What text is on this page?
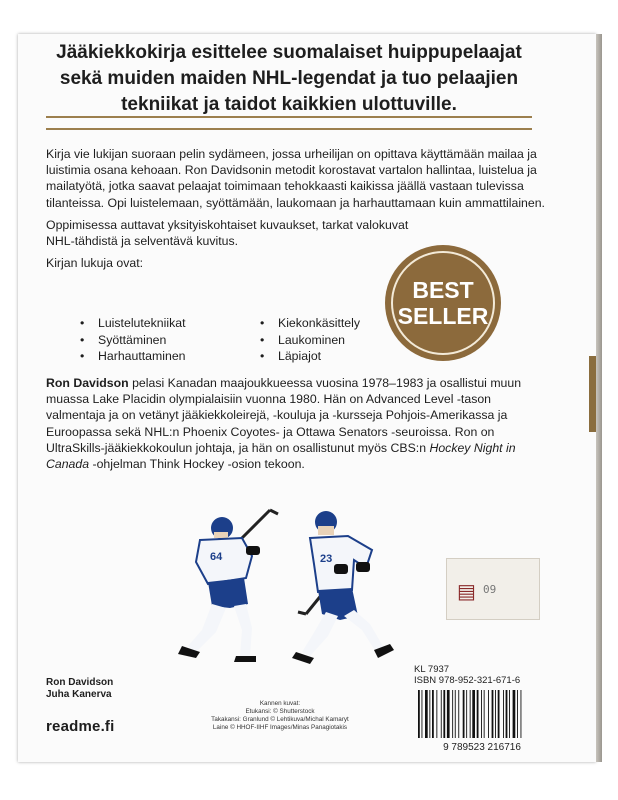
Jääkiekkokirja esittelee suomalaiset huippupelaajat
sekä muiden maiden NHL-legendat ja tuo pelaajien
tekniikat ja taidot kaikkien ulottuville.

Kirja vie lukijan suoraan pelin sydämeen, jossa urheilijan on opittava käyttämään mailaa ja luistimia osana kehoaan. Ron Davidsonin metodit korostavat vartalon hallintaa, luistelua ja mailatyötä, jotka saavat pelaajat toimimaan tehokkaasti kaikissa jäällä vastaan tulevissa tilanteissa. Opi luistelemaan, syöttämään, laukomaan ja harhauttamaan kuin ammattilainen.

Oppimisessa auttavat yksityiskohtaiset kuvaukset, tarkat valokuvat NHL-tähdistä ja selventävä kuvitus.

Kirjan lukuja ovat:

• Luistelutekniikat
• Syöttäminen
• Harhauttaminen
• Kiekonkäsittely
• Laukominen
• Läpiajot
BEST
SELLER
Ron Davidson pelasi Kanadan maajoukkueessa vuosina 1978–1983 ja osallistui muun muassa Lake Placidin olympialaisiin vuonna 1980. Hän on Advanced Level -tason valmentaja ja on vetänyt jääkiekkoleirejä, -kouluja ja -kursseja Pohjois-Amerikassa ja Euroopassa sekä NHL:n Phoenix Coyotes- ja Ottawa Senators -seuroissa. Ron on UltraSkills-jääkiekkokoulun johtaja, ja hän on osallistunut myös CBS:n Hockey Night in Canada -ohjelman Think Hockey -osion tekoon.
64	23
▤ 09
Ron Davidson
Juha Kanerva
readme.fi
Kannen kuvat:
Etukansi: © Shutterstock
Takakansi: Granlund © Lehtikuva/Michal Kamaryt
Laine © HHOF-IIHF Images/Minas Panagiotakis
KL 7937
ISBN 978-952-321-671-6
9 789523 216716
